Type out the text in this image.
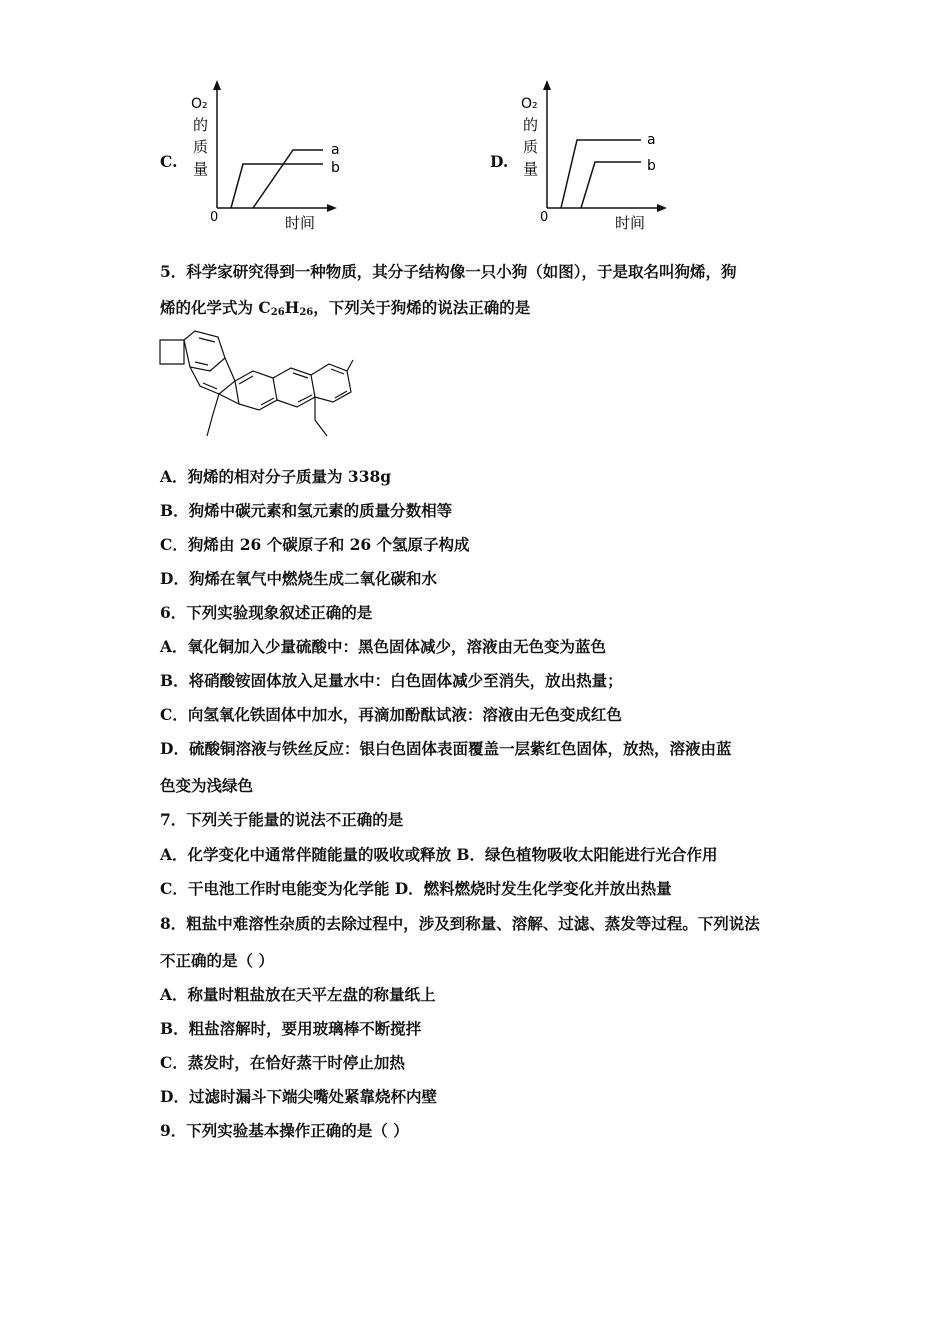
C.
O₂
的
质
量
0	时间
a
b	D.
O₂
的
质
量
0	时间
a
b
5．科学家研究得到一种物质，其分子结构像一只小狗（如图），于是取名叫狗烯，狗
烯的化学式为 $C_{26}H_{26}$，下列关于狗烯的说法正确的是
A．狗烯的相对分子质量为 338g
B．狗烯中碳元素和氢元素的质量分数相等
C．狗烯由 26 个碳原子和 26 个氢原子构成
D．狗烯在氧气中燃烧生成二氧化碳和水
6．下列实验现象叙述正确的是
A．氧化铜加入少量硫酸中：黑色固体减少，溶液由无色变为蓝色
B．将硝酸铵固体放入足量水中：白色固体减少至消失，放出热量；
C．向氢氧化铁固体中加水，再滴加酚酞试液：溶液由无色变成红色
D．硫酸铜溶液与铁丝反应：银白色固体表面覆盖一层紫红色固体，放热，溶液由蓝
色变为浅绿色
7．下列关于能量的说法不正确的是
A．化学变化中通常伴随能量的吸收或释放 B．绿色植物吸收太阳能进行光合作用
C．干电池工作时电能变为化学能 D．燃料燃烧时发生化学变化并放出热量
8．粗盐中难溶性杂质的去除过程中，涉及到称量、溶解、过滤、蒸发等过程。下列说法
不正确的是（ ）
A．称量时粗盐放在天平左盘的称量纸上
B．粗盐溶解时，要用玻璃棒不断搅拌
C．蒸发时，在恰好蒸干时停止加热
D．过滤时漏斗下端尖嘴处紧靠烧杯内壁
9．下列实验基本操作正确的是（ ）
